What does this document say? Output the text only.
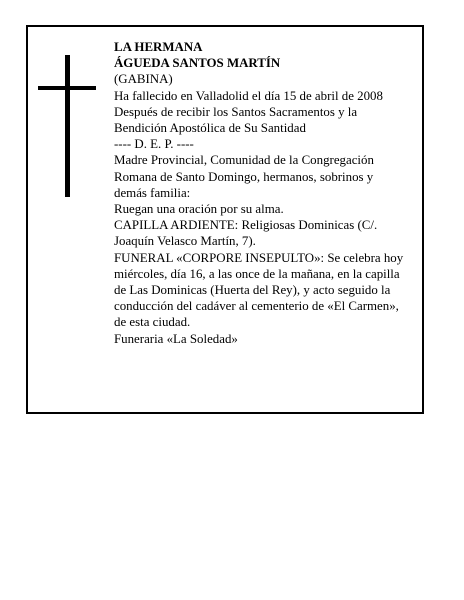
LA HERMANA
ÁGUEDA SANTOS MARTÍN
(GABINA)
Ha fallecido en Valladolid el día 15 de abril de 2008
Después de recibir los Santos Sacramentos y la
Bendición Apostólica de Su Santidad
---- D. E. P. ----
Madre Provincial, Comunidad de la Congregación
Romana de Santo Domingo, hermanos, sobrinos y
demás familia:
Ruegan una oración por su alma.
CAPILLA ARDIENTE: Religiosas Dominicas (C/.
Joaquín Velasco Martín, 7).
FUNERAL «CORPORE INSEPULTO»: Se celebra hoy
miércoles, día 16, a las once de la mañana, en la capilla
de Las Dominicas (Huerta del Rey), y acto seguido la
conducción del cadáver al cementerio de «El Carmen»,
de esta ciudad.
Funeraria «La Soledad»
